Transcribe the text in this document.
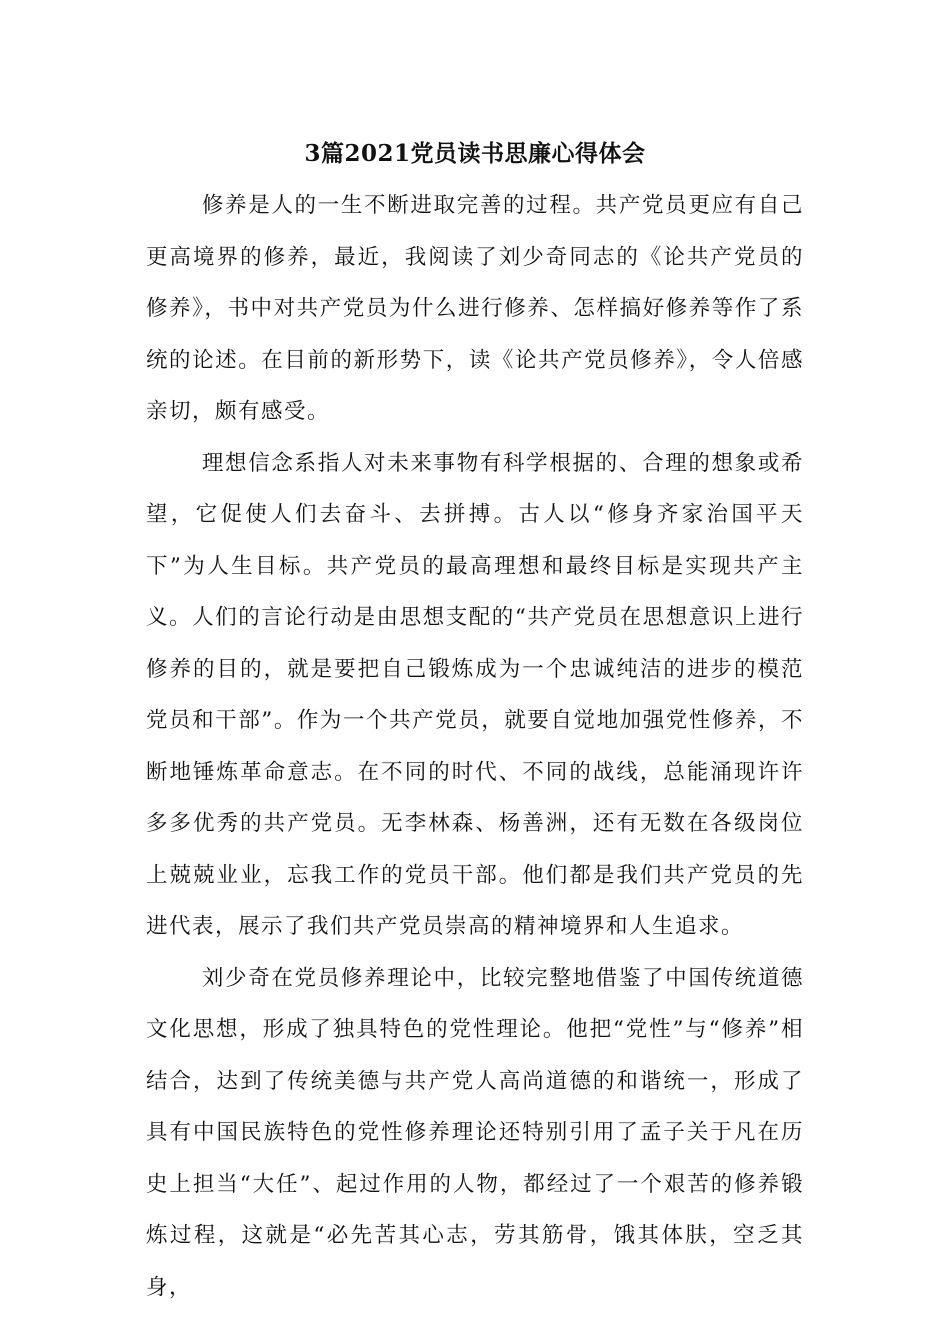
3篇2021党员读书思廉心得体会

修养是人的一生不断进取完善的过程。共产党员更应有自己更高境界的修养，最近，我阅读了刘少奇同志的《论共产党员的修养》，书中对共产党员为什么进行修养、怎样搞好修养等作了系统的论述。在目前的新形势下，读《论共产党员修养》，令人倍感亲切，颇有感受。

理想信念系指人对未来事物有科学根据的、合理的想象或希望，它促使人们去奋斗、去拼搏。古人以“修身齐家治国平天下”为人生目标。共产党员的最高理想和最终目标是实现共产主义。人们的言论行动是由思想支配的“共产党员在思想意识上进行修养的目的，就是要把自己锻炼成为一个忠诚纯洁的进步的模范党员和干部”。作为一个共产党员，就要自觉地加强党性修养，不断地锤炼革命意志。在不同的时代、不同的战线，总能涌现许许多多优秀的共产党员。无李林森、杨善洲，还有无数在各级岗位上兢兢业业，忘我工作的党员干部。他们都是我们共产党员的先进代表，展示了我们共产党员崇高的精神境界和人生追求。

刘少奇在党员修养理论中，比较完整地借鉴了中国传统道德文化思想，形成了独具特色的党性理论。他把“党性”与“修养”相结合，达到了传统美德与共产党人高尚道德的和谐统一，形成了具有中国民族特色的党性修养理论还特别引用了孟子关于凡在历史上担当“大任”、起过作用的人物，都经过了一个艰苦的修养锻炼过程，这就是“必先苦其心志，劳其筋骨，饿其体肤，空乏其身，
